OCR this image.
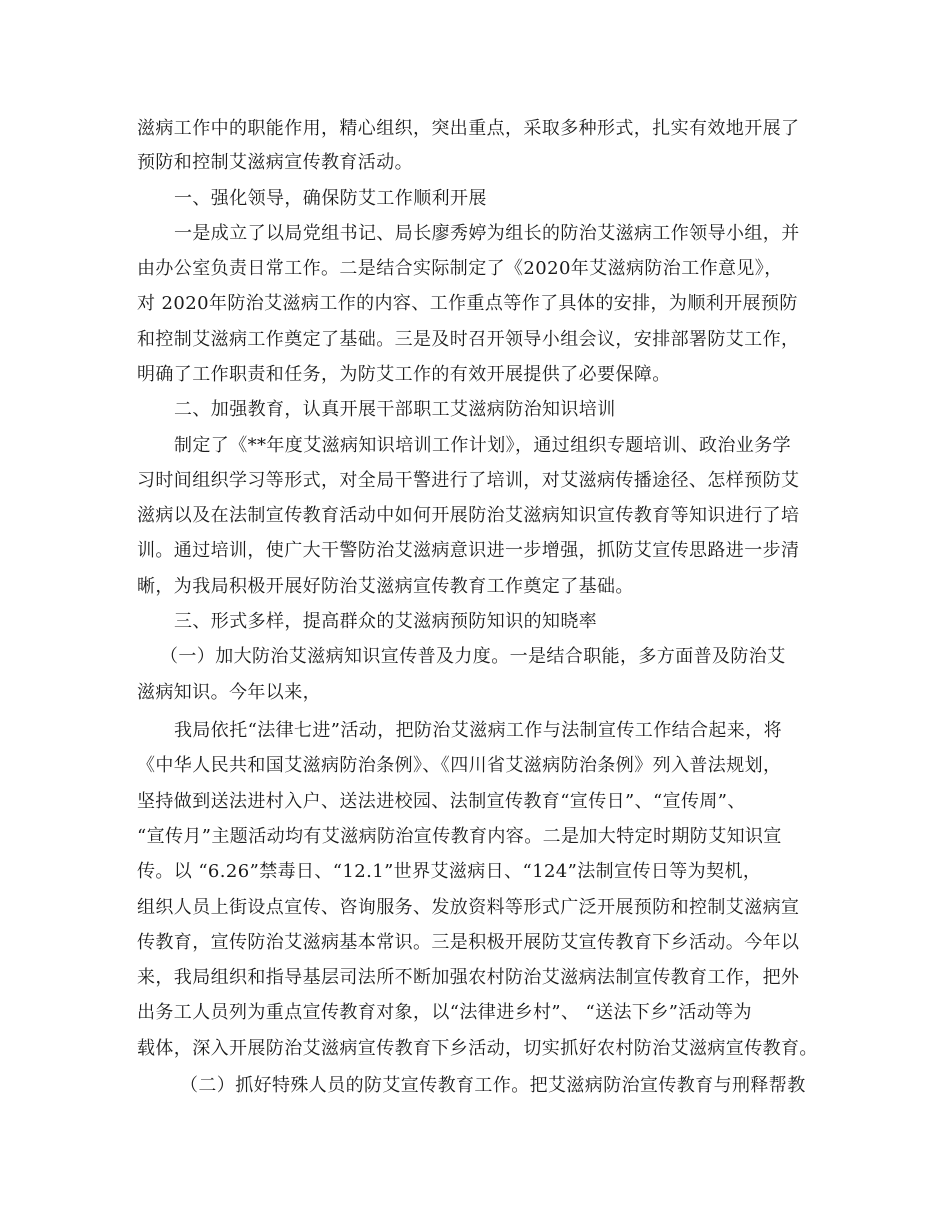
滋病工作中的职能作用，精心组织，突出重点，采取多种形式，扎实有效地开展了
预防和控制艾滋病宣传教育活动。
一、强化领导，确保防艾工作顺利开展
一是成立了以局党组书记、局长廖秀婷为组长的防治艾滋病工作领导小组，并
由办公室负责日常工作。二是结合实际制定了《2020年艾滋病防治工作意见》，
对 2020年防治艾滋病工作的内容、工作重点等作了具体的安排，为顺利开展预防
和控制艾滋病工作奠定了基础。三是及时召开领导小组会议，安排部署防艾工作，
明确了工作职责和任务，为防艾工作的有效开展提供了必要保障。
二、加强教育，认真开展干部职工艾滋病防治知识培训
制定了《**年度艾滋病知识培训工作计划》，通过组织专题培训、政治业务学
习时间组织学习等形式，对全局干警进行了培训，对艾滋病传播途径、怎样预防艾
滋病以及在法制宣传教育活动中如何开展防治艾滋病知识宣传教育等知识进行了培
训。通过培训，使广大干警防治艾滋病意识进一步增强，抓防艾宣传思路进一步清
晰，为我局积极开展好防治艾滋病宣传教育工作奠定了基础。
三、形式多样，提高群众的艾滋病预防知识的知晓率
（一）加大防治艾滋病知识宣传普及力度。一是结合职能，多方面普及防治艾
滋病知识。今年以来，
我局依托“法律七进”活动，把防治艾滋病工作与法制宣传工作结合起来，将
《中华人民共和国艾滋病防治条例》、《四川省艾滋病防治条例》列入普法规划，
坚持做到送法进村入户、送法进校园、法制宣传教育“宣传日”、“宣传周”、
“宣传月”主题活动均有艾滋病防治宣传教育内容。二是加大特定时期防艾知识宣
传。以 “6.26”禁毒日、“12.1”世界艾滋病日、“124”法制宣传日等为契机，
组织人员上街设点宣传、咨询服务、发放资料等形式广泛开展预防和控制艾滋病宣
传教育，宣传防治艾滋病基本常识。三是积极开展防艾宣传教育下乡活动。今年以
来，我局组织和指导基层司法所不断加强农村防治艾滋病法制宣传教育工作，把外
出务工人员列为重点宣传教育对象，以“法律进乡村”、 “送法下乡”活动等为
载体，深入开展防治艾滋病宣传教育下乡活动，切实抓好农村防治艾滋病宣传教育。
（二）抓好特殊人员的防艾宣传教育工作。把艾滋病防治宣传教育与刑释帮教
